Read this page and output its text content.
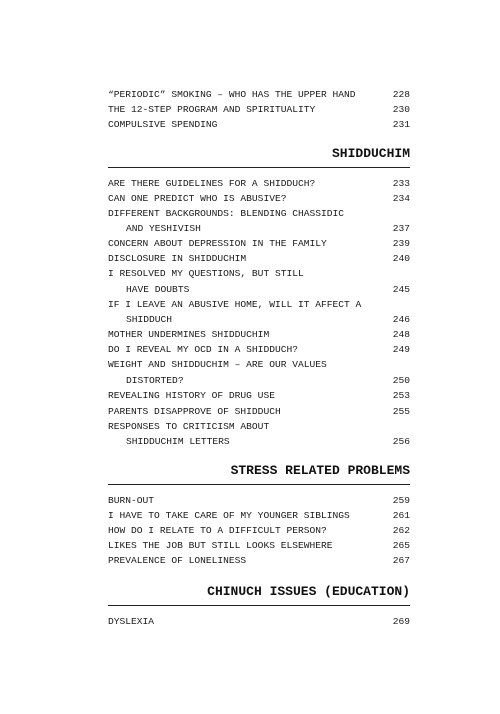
“PERIODIC” SMOKING – WHO HAS THE UPPER HAND	228
THE 12-STEP PROGRAM AND SPIRITUALITY	230
COMPULSIVE SPENDING	231
SHIDDUCHIM
ARE THERE GUIDELINES FOR A SHIDDUCH?	233
CAN ONE PREDICT WHO IS ABUSIVE?	234
DIFFERENT BACKGROUNDS: BLENDING CHASSIDIC
AND YESHIVISH	237
CONCERN ABOUT DEPRESSION IN THE FAMILY	239
DISCLOSURE IN SHIDDUCHIM	240
I RESOLVED MY QUESTIONS, BUT STILL
HAVE DOUBTS	245
IF I LEAVE AN ABUSIVE HOME, WILL IT AFFECT A
SHIDDUCH	246
MOTHER UNDERMINES SHIDDUCHIM	248
DO I REVEAL MY OCD IN A SHIDDUCH?	249
WEIGHT AND SHIDDUCHIM – ARE OUR VALUES
DISTORTED?	250
REVEALING HISTORY OF DRUG USE	253
PARENTS DISAPPROVE OF SHIDDUCH	255
RESPONSES TO CRITICISM ABOUT
SHIDDUCHIM LETTERS	256
STRESS RELATED PROBLEMS
BURN-OUT	259
I HAVE TO TAKE CARE OF MY YOUNGER SIBLINGS	261
HOW DO I RELATE TO A DIFFICULT PERSON?	262
LIKES THE JOB BUT STILL LOOKS ELSEWHERE	265
PREVALENCE OF LONELINESS	267
CHINUCH ISSUES (EDUCATION)
DYSLEXIA	269
